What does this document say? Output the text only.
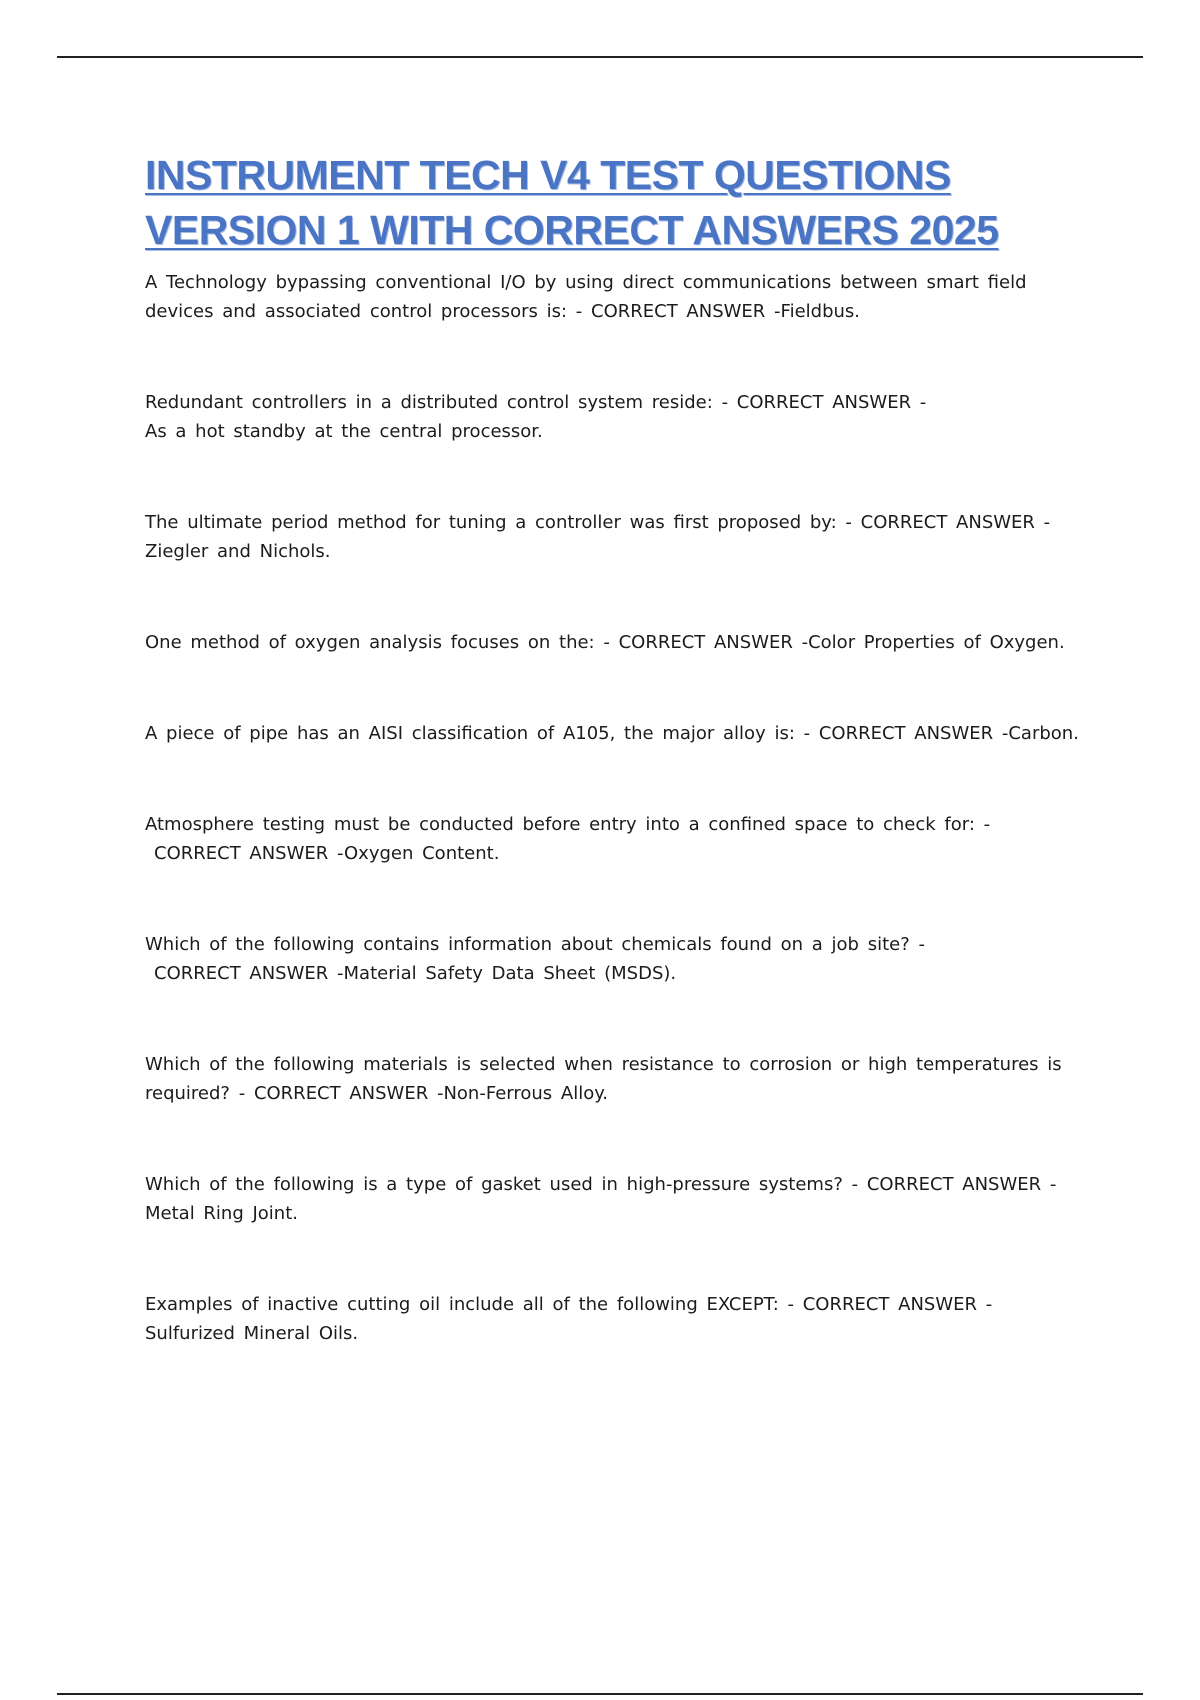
INSTRUMENT TECH V4 TEST QUESTIONS
VERSION 1 WITH CORRECT ANSWERS 2025
A Technology bypassing conventional I/O by using direct communications between smart field devices and associated control processors is: - CORRECT ANSWER -Fieldbus.
Redundant controllers in a distributed control system reside: - CORRECT ANSWER -
As a hot standby at the central processor.
The ultimate period method for tuning a controller was first proposed by: - CORRECT ANSWER -
Ziegler and Nichols.
One method of oxygen analysis focuses on the: - CORRECT ANSWER -Color Properties of Oxygen.
A piece of pipe has an AISI classification of A105, the major alloy is: - CORRECT ANSWER -Carbon.
Atmosphere testing must be conducted before entry into a confined space to check for: -
CORRECT ANSWER -Oxygen Content.
Which of the following contains information about chemicals found on a job site? -
CORRECT ANSWER -Material Safety Data Sheet (MSDS).
Which of the following materials is selected when resistance to corrosion or high temperatures is required? - CORRECT ANSWER -Non-Ferrous Alloy.
Which of the following is a type of gasket used in high-pressure systems? - CORRECT ANSWER -
Metal Ring Joint.
Examples of inactive cutting oil include all of the following EXCEPT: - CORRECT ANSWER -
Sulfurized Mineral Oils.
